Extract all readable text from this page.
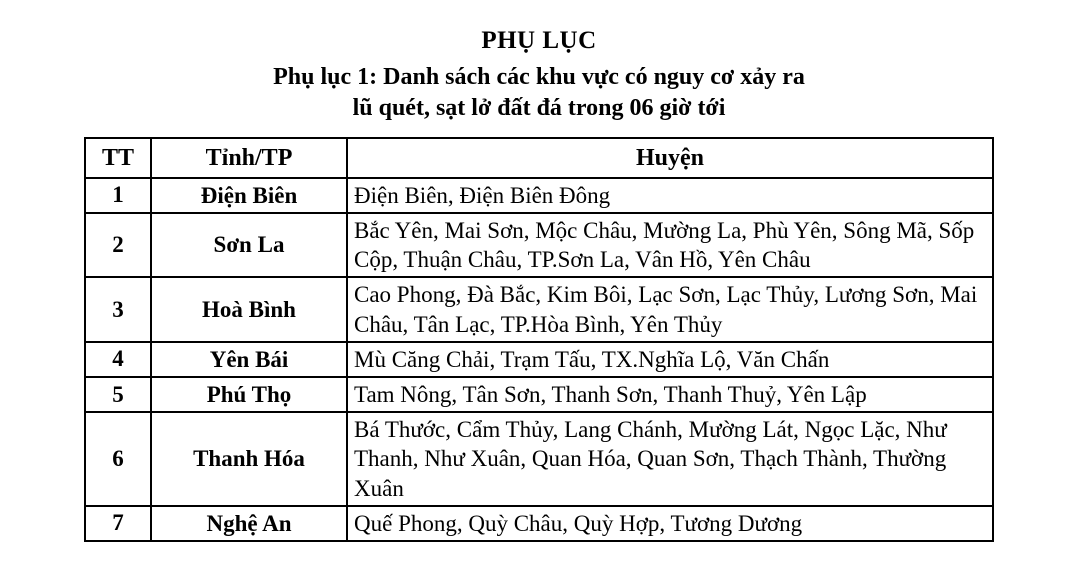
PHỤ LỤC
Phụ lục 1: Danh sách các khu vực có nguy cơ xảy ra
lũ quét, sạt lở đất đá trong 06 giờ tới
TT	Tỉnh/TP	Huyện
1	Điện Biên	Điện Biên, Điện Biên Đông
2	Sơn La	Bắc Yên, Mai Sơn, Mộc Châu, Mường La, Phù Yên, Sông Mã, Sốp Cộp, Thuận Châu, TP.Sơn La, Vân Hồ, Yên Châu
3	Hoà Bình	Cao Phong, Đà Bắc, Kim Bôi, Lạc Sơn, Lạc Thủy, Lương Sơn, Mai Châu, Tân Lạc, TP.Hòa Bình, Yên Thủy
4	Yên Bái	Mù Căng Chải, Trạm Tấu, TX.Nghĩa Lộ, Văn Chấn
5	Phú Thọ	Tam Nông, Tân Sơn, Thanh Sơn, Thanh Thuỷ, Yên Lập
6	Thanh Hóa	Bá Thước, Cẩm Thủy, Lang Chánh, Mường Lát, Ngọc Lặc, Như Thanh, Như Xuân, Quan Hóa, Quan Sơn, Thạch Thành, Thường Xuân
7	Nghệ An	Quế Phong, Quỳ Châu, Quỳ Hợp, Tương Dương
